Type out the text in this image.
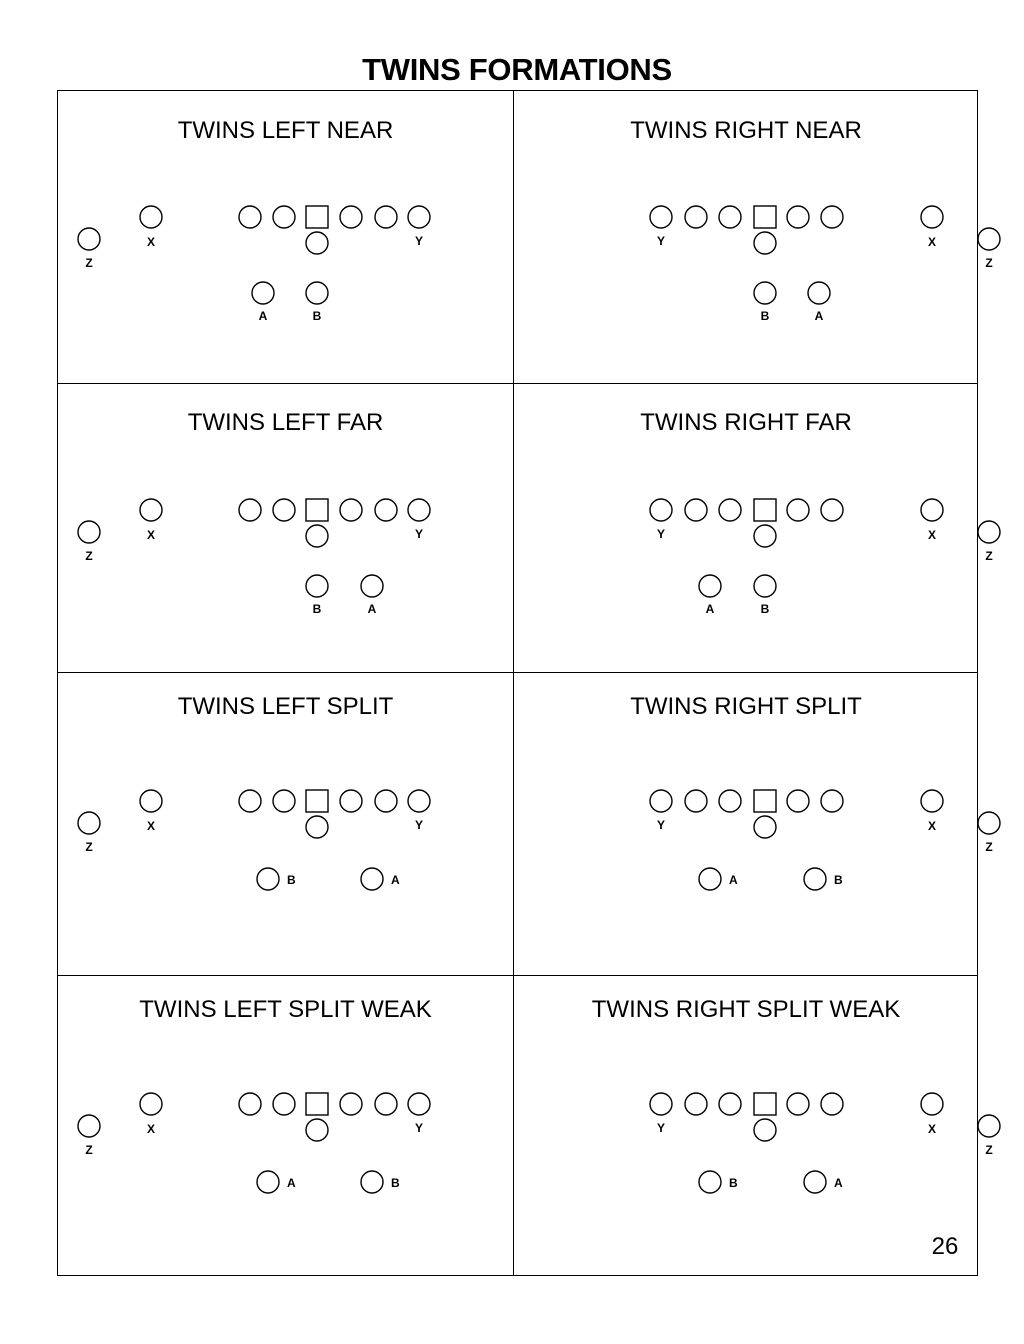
TWINS FORMATIONS
TWINS LEFT NEAR
Y
X
Z
A	B
TWINS RIGHT NEAR
Y	X
Z
A
B
TWINS LEFT FAR
Y
X
Z
A
B
TWINS RIGHT FAR
Y	X
Z
A	B
TWINS LEFT SPLIT
Y
X
Z
A
B
TWINS RIGHT SPLIT
Y	X
Z
A	B
TWINS LEFT SPLIT WEAK
Y
X
Z
A	B
TWINS RIGHT SPLIT WEAK
Y	X
Z
A
B
26
